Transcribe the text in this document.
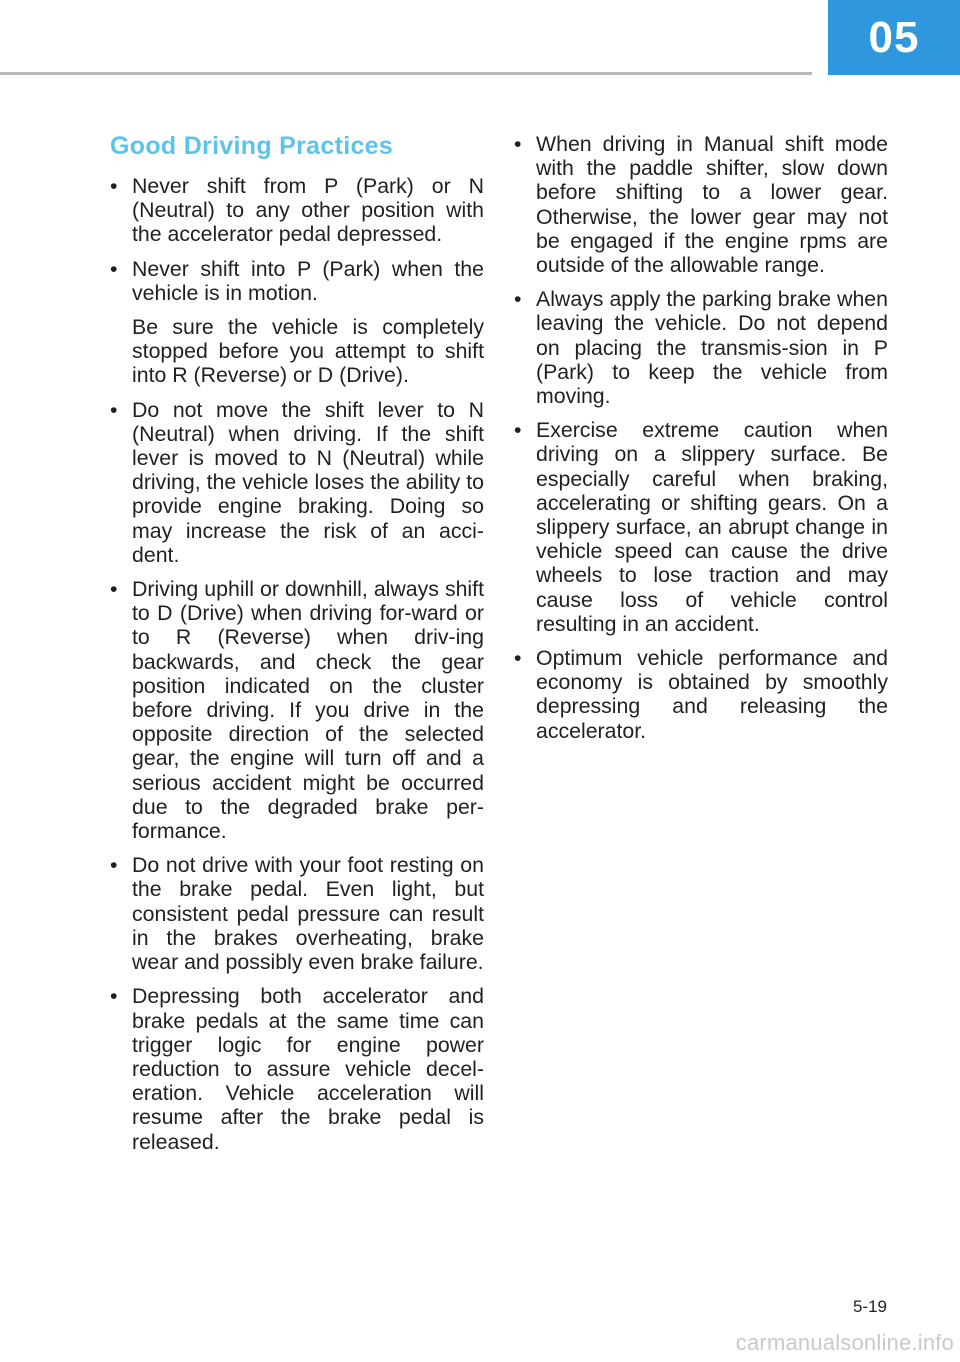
05
Good Driving Practices
• Never shift from P (Park) or N (Neutral) to any other position with the accelerator pedal depressed.

• Never shift into P (Park) when the vehicle is in motion.

Be sure the vehicle is completely stopped before you attempt to shift into R (Reverse) or D (Drive).

• Do not move the shift lever to N (Neutral) when driving. If the shift lever is moved to N (Neutral) while driving, the vehicle loses the ability to provide engine braking. Doing so may increase the risk of an acci-dent.

• Driving uphill or downhill, always shift to D (Drive) when driving for-ward or to R (Reverse) when driv-ing backwards, and check the gear position indicated on the cluster before driving. If you drive in the opposite direction of the selected gear, the engine will turn off and a serious accident might be occurred due to the degraded brake per-formance.

• Do not drive with your foot resting on the brake pedal. Even light, but consistent pedal pressure can result in the brakes overheating, brake wear and possibly even brake failure.

• Depressing both accelerator and brake pedals at the same time can trigger logic for engine power reduction to assure vehicle decel-eration. Vehicle acceleration will resume after the brake pedal is released.

• When driving in Manual shift mode with the paddle shifter, slow down before shifting to a lower gear. Otherwise, the lower gear may not be engaged if the engine rpms are outside of the allowable range.

• Always apply the parking brake when leaving the vehicle. Do not depend on placing the transmis-sion in P (Park) to keep the vehicle from moving.

• Exercise extreme caution when driving on a slippery surface. Be especially careful when braking, accelerating or shifting gears. On a slippery surface, an abrupt change in vehicle speed can cause the drive wheels to lose traction and may cause loss of vehicle control resulting in an accident.

• Optimum vehicle performance and economy is obtained by smoothly depressing and releasing the accelerator.

5-19
carmanualsonline.info
